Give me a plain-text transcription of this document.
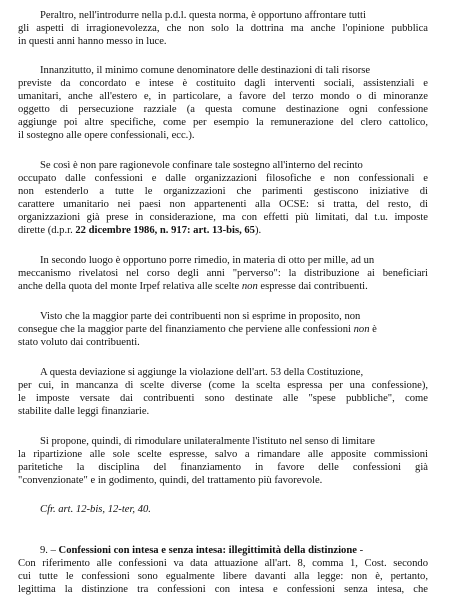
Peraltro, nell'introdurre nella p.d.l. questa norma, è opportuno affrontare tutti
gli aspetti di irragionevolezza, che non solo la dottrina ma anche l'opinione pubblica
in questi anni hanno messo in luce.
Innanzitutto, il minimo comune denominatore delle destinazioni di tali risorse
previste da concordato e intese è costituito dagli interventi sociali, assistenziali e
umanitari, anche all'estero e, in particolare, a favore del terzo mondo o di minoranze
oggetto di persecuzione razziale (a questa comune destinazione ogni confessione
aggiunge poi altre specifiche, come per esempio la remunerazione del clero cattolico,
il sostegno alle opere confessionali, ecc.).
Se così è non pare ragionevole confinare tale sostegno all'interno del recinto
occupato dalle confessioni e dalle organizzazioni filosofiche e non confessionali e
non estenderlo a tutte le organizzazioni che parimenti gestiscono iniziative di
carattere umanitario nei paesi non appartenenti alla OCSE: si tratta, del resto, di
organizzazioni già prese in considerazione, ma con effetti più limitati, dal t.u. imposte
dirette (d.p.r. 22 dicembre 1986, n. 917: art. 13-bis, 65).
In secondo luogo è opportuno porre rimedio, in materia di otto per mille, ad un
meccanismo rivelatosi nel corso degli anni "perverso": la distribuzione ai beneficiari
anche della quota del monte Irpef relativa alle scelte non espresse dai contribuenti.
Visto che la maggior parte dei contribuenti non si esprime in proposito, non
consegue che la maggior parte del finanziamento che perviene alle confessioni non è
stato voluto dai contribuenti.
A questa deviazione si aggiunge la violazione dell'art. 53 della Costituzione,
per cui, in mancanza di scelte diverse (come la scelta espressa per una confessione),
le imposte versate dai contribuenti sono destinate alle "spese pubbliche", come
stabilite dalle leggi finanziarie.
Si propone, quindi, di rimodulare unilateralmente l'istituto nel senso di limitare
la ripartizione alle sole scelte espresse, salvo a rimandare alle apposite commissioni
paritetiche la disciplina del finanziamento in favore delle confessioni già
"convenzionate" e in godimento, quindi, del trattamento più favorevole.
Cfr. art. 12-bis, 12-ter, 40.
9. – Confessioni con intesa e senza intesa: illegittimità della distinzione -
Con riferimento alle confessioni va data attuazione all'art. 8, comma 1, Cost. secondo
cui tutte le confessioni sono egualmente libere davanti alla legge: non è, pertanto,
legittima la distinzione tra confessioni con intesa e confessioni senza intesa, che
